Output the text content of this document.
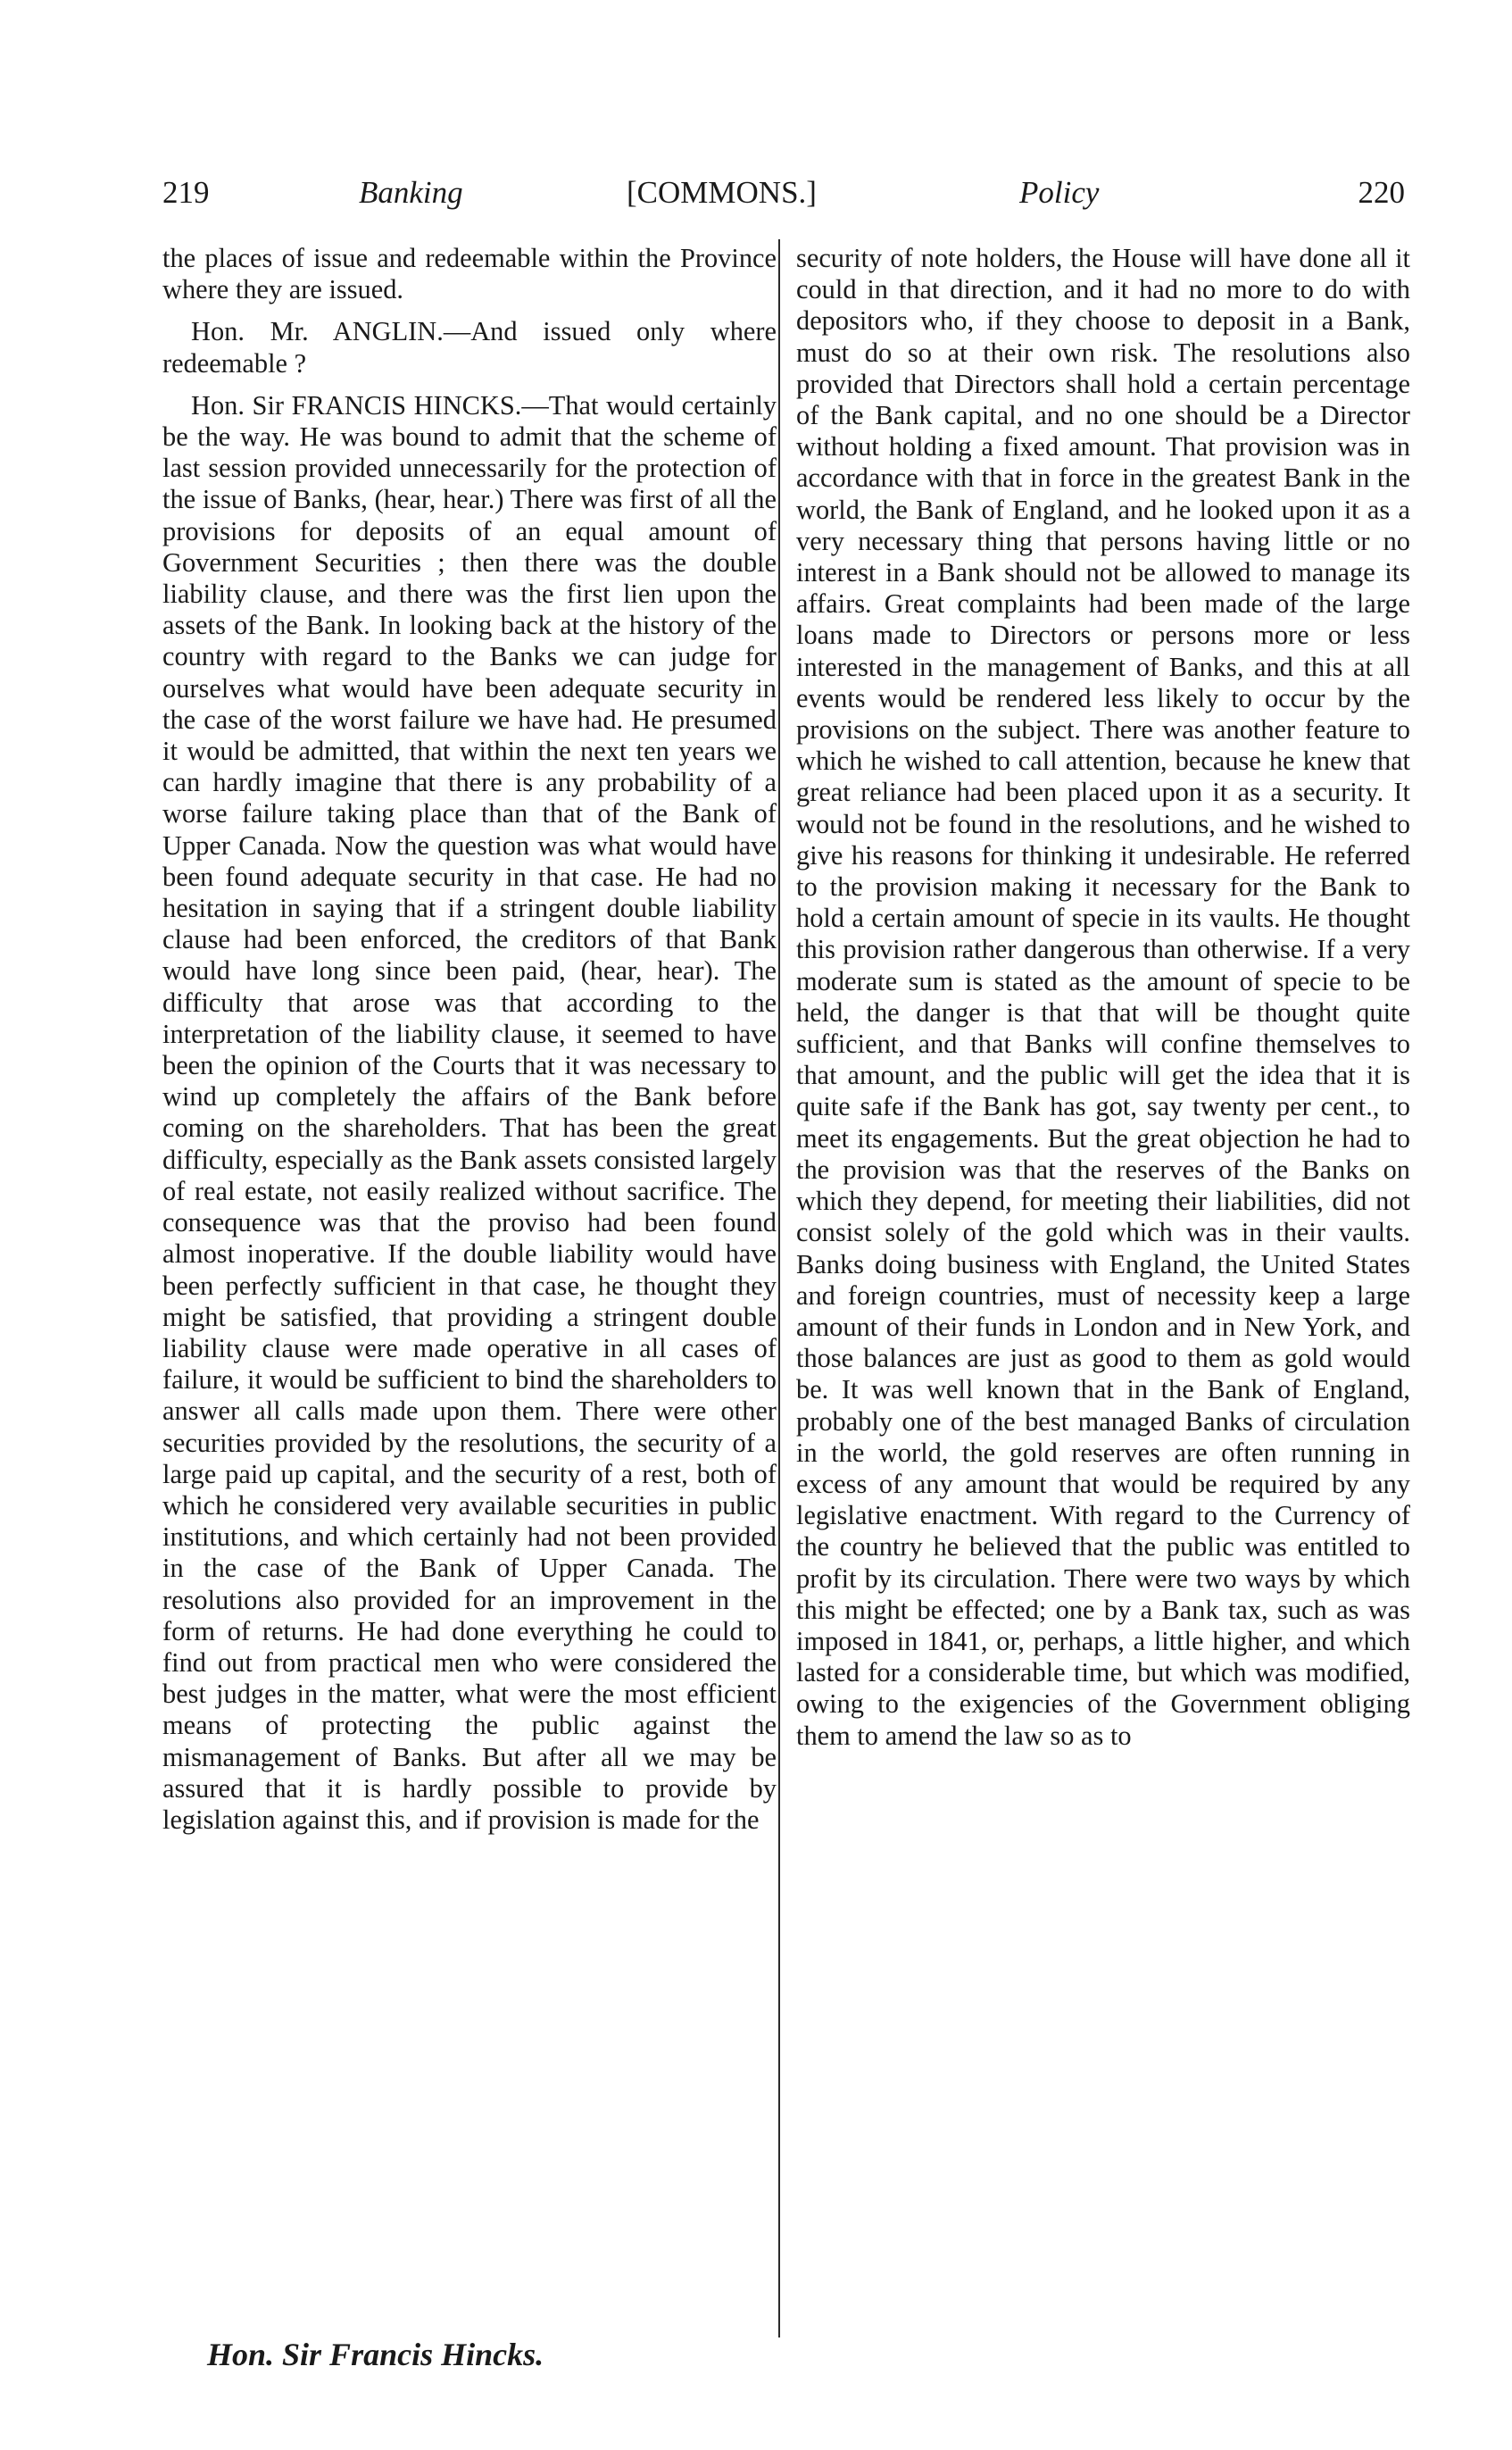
219	Banking	[COMMONS.]	Policy	220

the places of issue and redeemable within the Province where they are issued.

Hon. Mr. ANGLIN.—And issued only where redeemable ?

Hon. Sir FRANCIS HINCKS.—That would certainly be the way. He was bound to admit that the scheme of last session provided unnecessarily for the protection of the issue of Banks, (hear, hear.) There was first of all the provisions for deposits of an equal amount of Government Securities ; then there was the double liability clause, and there was the first lien upon the assets of the Bank. In looking back at the history of the country with regard to the Banks we can judge for ourselves what would have been adequate security in the case of the worst failure we have had. He presumed it would be admitted, that within the next ten years we can hardly imagine that there is any probability of a worse failure taking place than that of the Bank of Upper Canada. Now the question was what would have been found adequate security in that case. He had no hesitation in saying that if a stringent double liability clause had been enforced, the creditors of that Bank would have long since been paid, (hear, hear). The difficulty that arose was that according to the interpretation of the liability clause, it seemed to have been the opinion of the Courts that it was necessary to wind up completely the affairs of the Bank before coming on the shareholders. That has been the great difficulty, especially as the Bank assets consisted largely of real estate, not easily realized without sacrifice. The consequence was that the proviso had been found almost inoperative. If the double liability would have been perfectly sufficient in that case, he thought they might be satisfied, that providing a stringent double liability clause were made operative in all cases of failure, it would be sufficient to bind the shareholders to answer all calls made upon them. There were other securities provided by the resolutions, the security of a large paid up capital, and the security of a rest, both of which he considered very available securities in public institutions, and which certainly had not been provided in the case of the Bank of Upper Canada. The resolutions also provided for an improvement in the form of returns. He had done everything he could to find out from practical men who were considered the best judges in the matter, what were the most efficient means of protecting the public against the mismanagement of Banks. But after all we may be assured that it is hardly possible to provide by legislation against this, and if provision is made for the

security of note holders, the House will have done all it could in that direction, and it had no more to do with depositors who, if they choose to deposit in a Bank, must do so at their own risk. The resolutions also provided that Directors shall hold a certain percentage of the Bank capital, and no one should be a Director without holding a fixed amount. That provision was in accordance with that in force in the greatest Bank in the world, the Bank of England, and he looked upon it as a very necessary thing that persons having little or no interest in a Bank should not be allowed to manage its affairs. Great complaints had been made of the large loans made to Directors or persons more or less interested in the management of Banks, and this at all events would be rendered less likely to occur by the provisions on the subject. There was another feature to which he wished to call attention, because he knew that great reliance had been placed upon it as a security. It would not be found in the resolutions, and he wished to give his reasons for thinking it undesirable. He referred to the provision making it necessary for the Bank to hold a certain amount of specie in its vaults. He thought this provision rather dangerous than otherwise. If a very moderate sum is stated as the amount of specie to be held, the danger is that that will be thought quite sufficient, and that Banks will confine themselves to that amount, and the public will get the idea that it is quite safe if the Bank has got, say twenty per cent., to meet its engagements. But the great objection he had to the provision was that the reserves of the Banks on which they depend, for meeting their liabilities, did not consist solely of the gold which was in their vaults. Banks doing business with England, the United States and foreign countries, must of necessity keep a large amount of their funds in London and in New York, and those balances are just as good to them as gold would be. It was well known that in the Bank of England, probably one of the best managed Banks of circulation in the world, the gold reserves are often running in excess of any amount that would be required by any legislative enactment. With regard to the Currency of the country he believed that the public was entitled to profit by its circulation. There were two ways by which this might be effected; one by a Bank tax, such as was imposed in 1841, or, perhaps, a little higher, and which lasted for a considerable time, but which was modified, owing to the exigencies of the Government obliging them to amend the law so as to

Hon. Sir Francis Hincks.
